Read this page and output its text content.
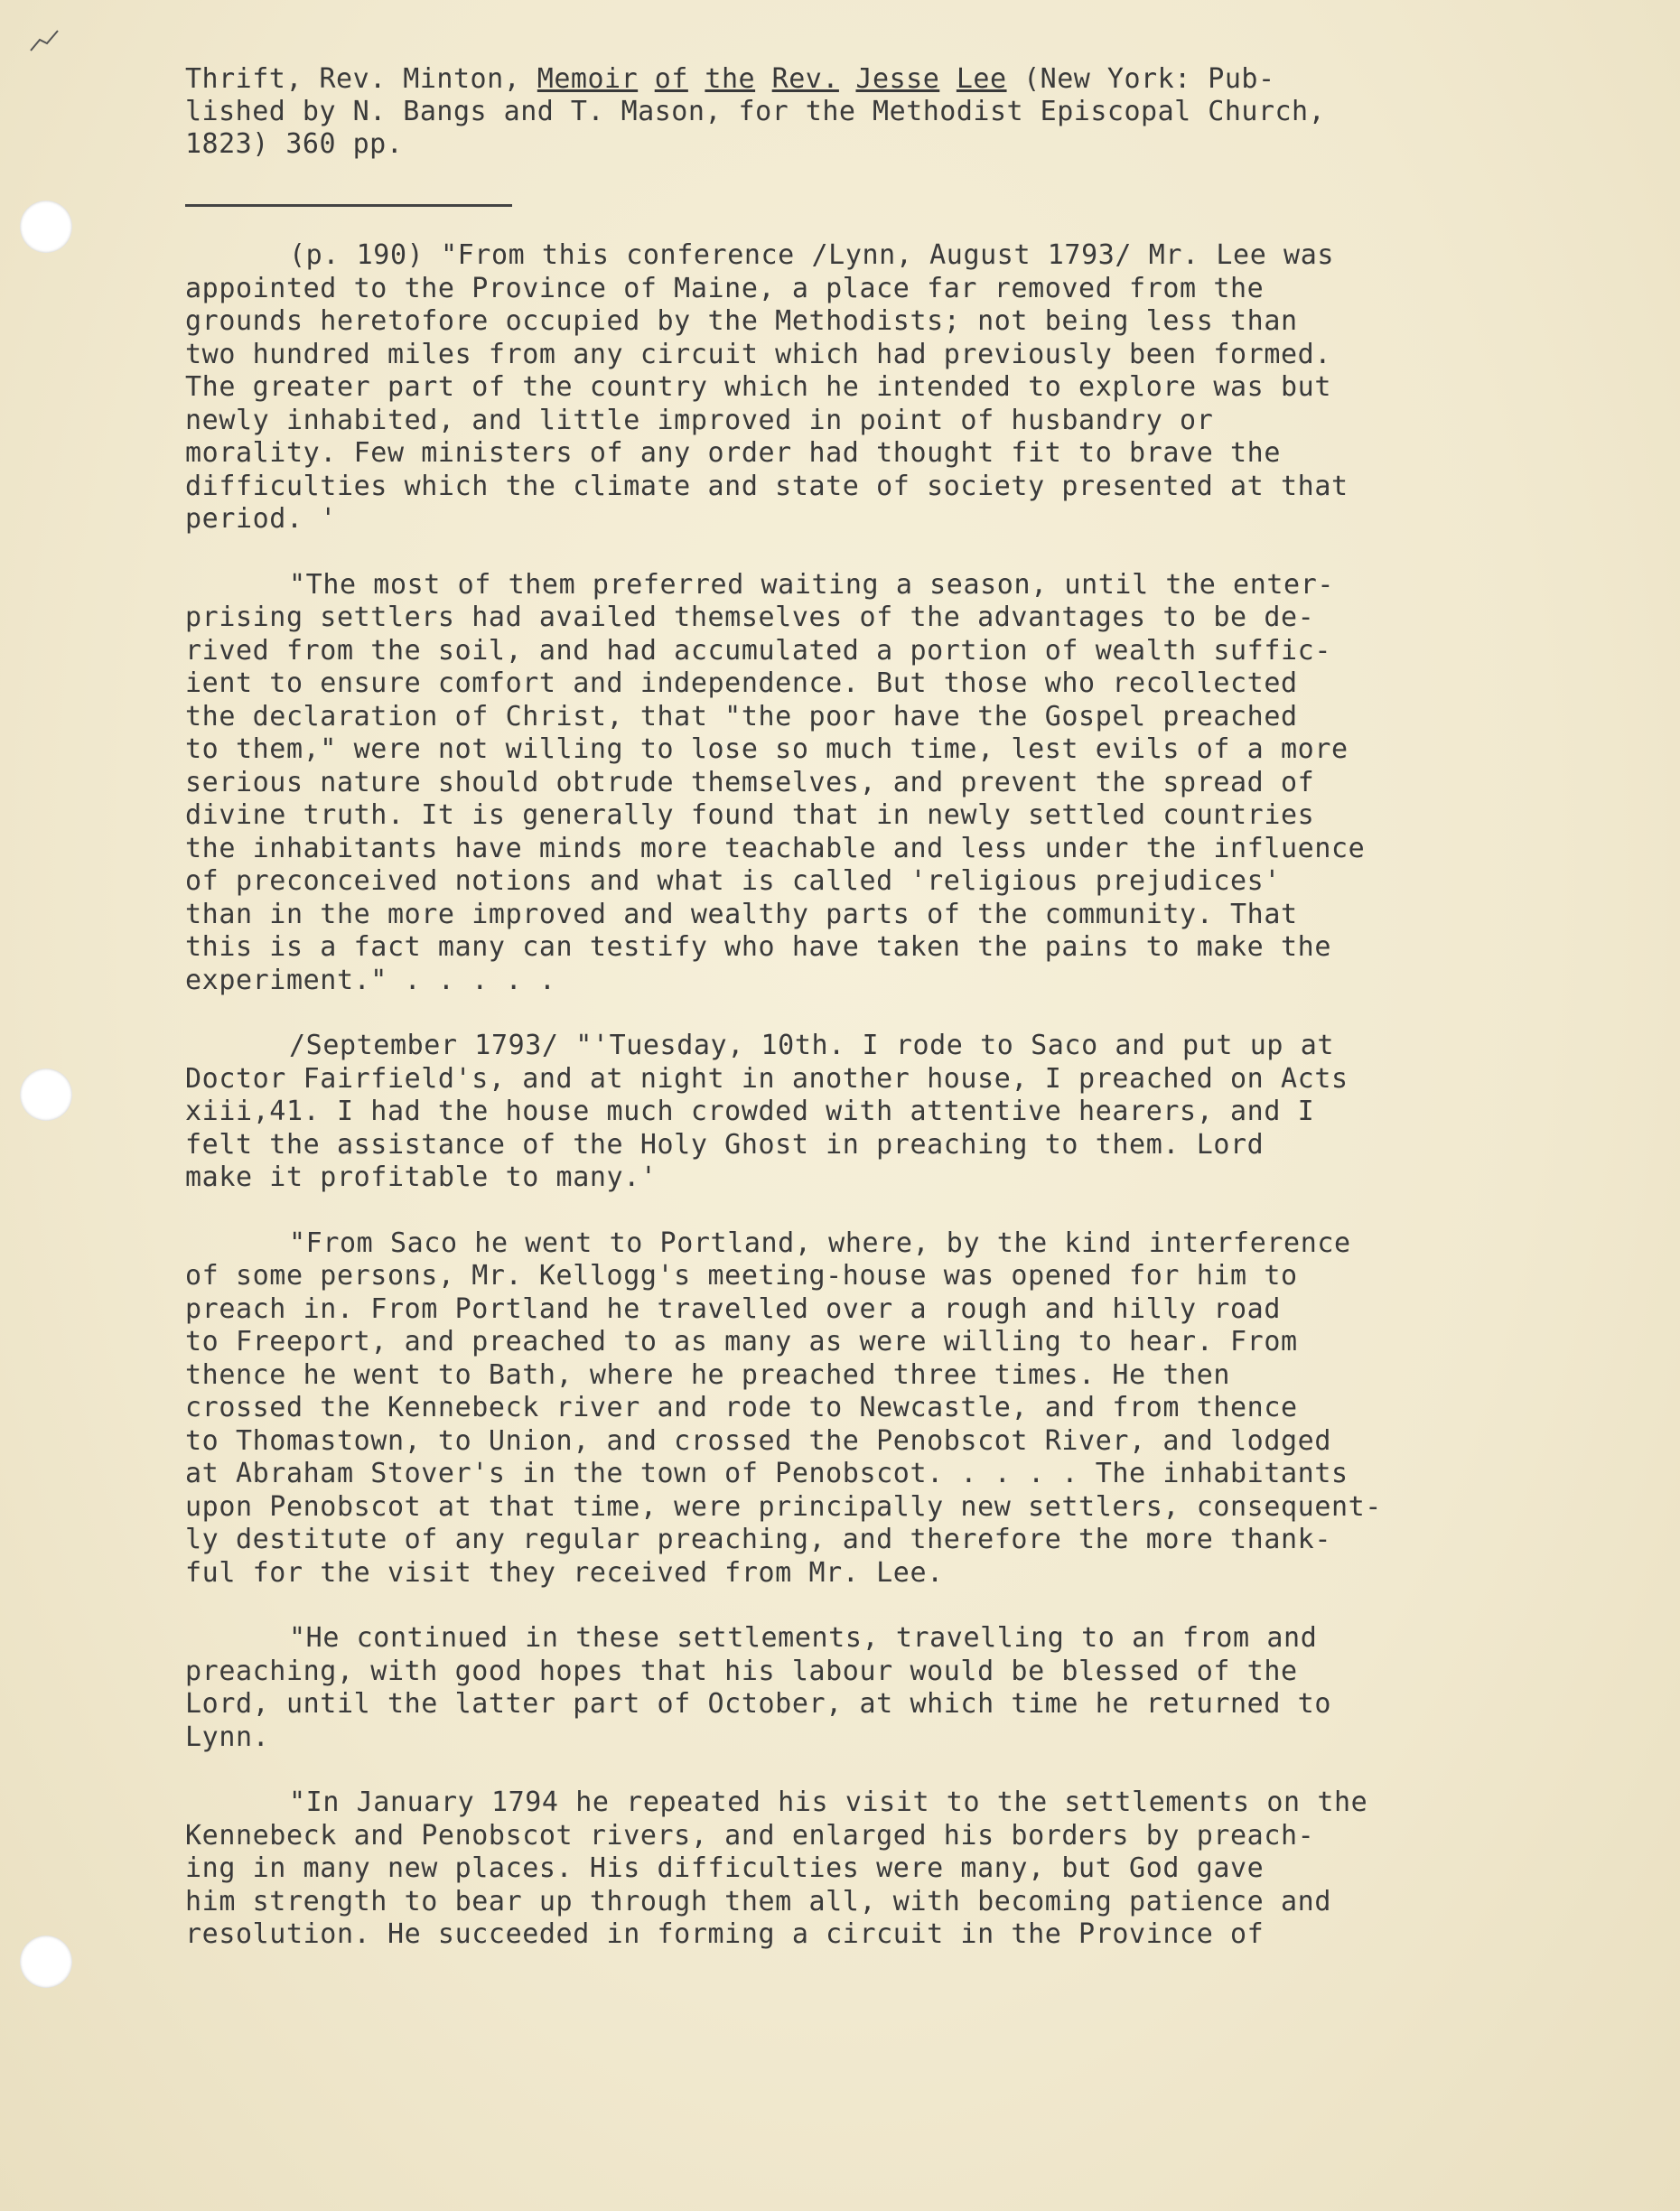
Thrift, Rev. Minton, Memoir of the Rev. Jesse Lee (New York: Pub-
lished by N. Bangs and T. Mason, for the Methodist Episcopal Church,
1823) 360 pp.
(p. 190) "From this conference /Lynn, August 1793/ Mr. Lee was
appointed to the Province of Maine, a place far removed from the
grounds heretofore occupied by the Methodists; not being less than
two hundred miles from any circuit which had previously been formed.
The greater part of the country which he intended to explore was but
newly inhabited, and little improved in point of husbandry or
morality. Few ministers of any order had thought fit to brave the
difficulties which the climate and state of society presented at that
period. '
"The most of them preferred waiting a season, until the enter-
prising settlers had availed themselves of the advantages to be de-
rived from the soil, and had accumulated a portion of wealth suffic-
ient to ensure comfort and independence. But those who recollected
the declaration of Christ, that "the poor have the Gospel preached
to them," were not willing to lose so much time, lest evils of a more
serious nature should obtrude themselves, and prevent the spread of
divine truth. It is generally found that in newly settled countries
the inhabitants have minds more teachable and less under the influence
of preconceived notions and what is called 'religious prejudices'
than in the more improved and wealthy parts of the community. That
this is a fact many can testify who have taken the pains to make the
experiment." . . . . .
/September 1793/ "'Tuesday, 10th. I rode to Saco and put up at
Doctor Fairfield's, and at night in another house, I preached on Acts
xiii,41. I had the house much crowded with attentive hearers, and I
felt the assistance of the Holy Ghost in preaching to them. Lord
make it profitable to many.'
"From Saco he went to Portland, where, by the kind interference
of some persons, Mr. Kellogg's meeting-house was opened for him to
preach in. From Portland he travelled over a rough and hilly road
to Freeport, and preached to as many as were willing to hear. From
thence he went to Bath, where he preached three times. He then
crossed the Kennebeck river and rode to Newcastle, and from thence
to Thomastown, to Union, and crossed the Penobscot River, and lodged
at Abraham Stover's in the town of Penobscot. . . . . The inhabitants
upon Penobscot at that time, were principally new settlers, consequent-
ly destitute of any regular preaching, and therefore the more thank-
ful for the visit they received from Mr. Lee.
"He continued in these settlements, travelling to an from and
preaching, with good hopes that his labour would be blessed of the
Lord, until the latter part of October, at which time he returned to
Lynn.
"In January 1794 he repeated his visit to the settlements on the
Kennebeck and Penobscot rivers, and enlarged his borders by preach-
ing in many new places. His difficulties were many, but God gave
him strength to bear up through them all, with becoming patience and
resolution. He succeeded in forming a circuit in the Province of
